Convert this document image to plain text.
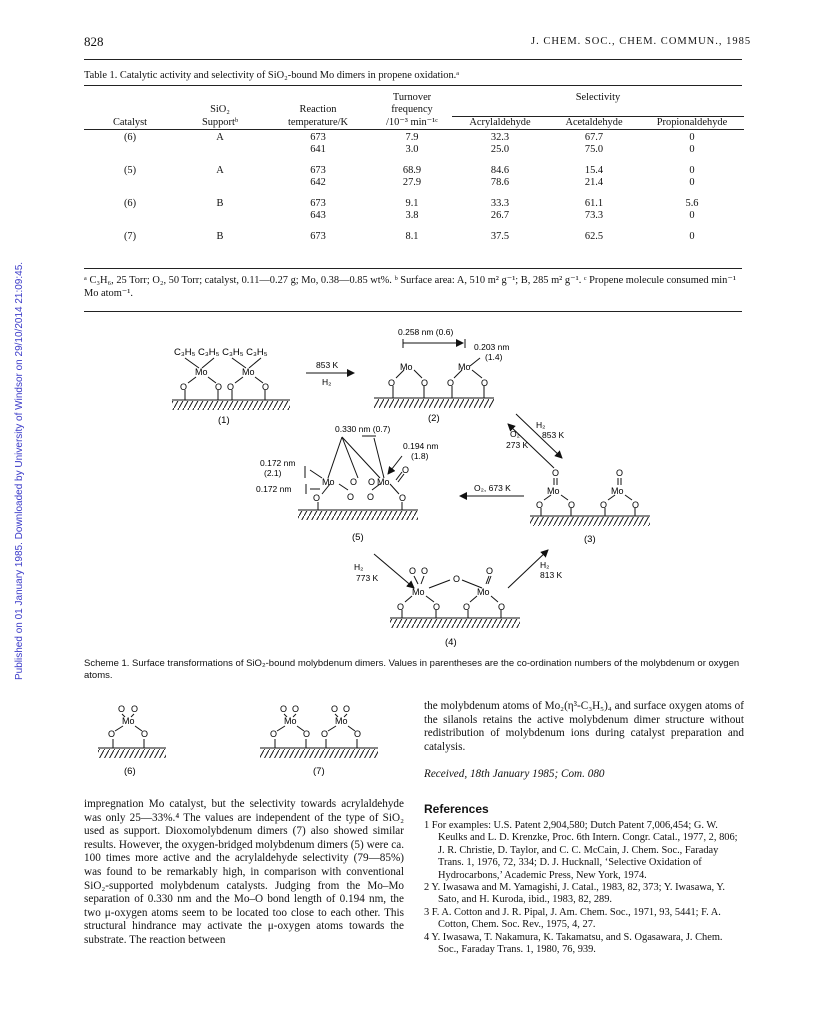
Published on 01 January 1985. Downloaded by University of Windsor on 29/10/2014 21:09:45.
828	J. CHEM. SOC., CHEM. COMMUN., 1985
Table 1. Catalytic activity and selectivity of SiO₂-bound Mo dimers in propene oxidation.ᵃ
			Turnover	Selectivity		
	SiO₂	Reaction	frequency			
Catalyst	Supportᵇ	temperature/K	/10⁻³ min⁻¹ᶜ	Acrylaldehyde	Acetaldehyde	Propionaldehyde

(6)	A	673	7.9	32.3	67.7	0
		641	3.0	25.0	75.0	0

(5)	A	673	68.9	84.6	15.4	0
		642	27.9	78.6	21.4	0

(6)	B	673	9.1	33.3	61.1	5.6
		643	3.8	26.7	73.3	0

(7)	B	673	8.1	37.5	62.5	0
ᵃ C₃H₆, 25 Torr; O₂, 50 Torr; catalyst, 0.11—0.27 g; Mo, 0.38—0.85 wt%. ᵇ Surface area: A, 510 m² g⁻¹; B, 285 m² g⁻¹. ᶜ Propene molecule consumed min⁻¹ Mo atom⁻¹.
C₃H₅ C₃H₅ C₃H₅ C₃H₅
Mo	Mo
O	O O	O
(1)
853 K
H₂
0.258 nm (0.6)
0.203 nm
(1.4)
Mo	Mo
O	O O	O
(2)
H₂
853 K
O₂
273 K
0.330 nm (0.7)
0.194 nm
(1.8)
0.172 nm
(2.1)
0.172 nm
Mo	Mo
O O
O
O	O O	O
(5)
O₂, 673 K
O	O
Mo	Mo
O	O	O	O
(3)
H₂
773 K
H₂
813 K
O O
O
O
Mo	Mo
O	O	O	O
(4)
Scheme 1. Surface transformations of SiO₂-bound molybdenum dimers. Values in parentheses are the co-ordination numbers of the molybdenum or oxygen atoms.
O O
Mo
O	O
(6)
O O	O O
Mo	Mo
O	O O	O
(7)
impregnation Mo catalyst, but the selectivity towards acrylaldehyde was only 25—33%.⁴ The values are independent of the type of SiO₂ used as support. Dioxomolybdenum dimers (7) also showed similar results. However, the oxygen-bridged molybdenum dimers (5) were ca. 100 times more active and the acrylaldehyde selectivity (79—85%) was found to be remarkably high, in comparison with conventional SiO₂-supported molybdenum catalysts. Judging from the Mo–Mo separation of 0.330 nm and the Mo–O bond length of 0.194 nm, the two μ-oxygen atoms seem to be located too close to each other. This structural hindrance may activate the μ-oxygen atoms towards the substrate. The reaction between
the molybdenum atoms of Mo₂(η³-C₃H₅)₄ and surface oxygen atoms of the silanols retains the active molybdenum dimer structure without redistribution of molybdenum ions during catalyst preparation and catalysis.
Received, 18th January 1985; Com. 080
References
1 For examples: U.S. Patent 2,904,580; Dutch Patent 7,006,454; G. W. Keulks and L. D. Krenzke, Proc. 6th Intern. Congr. Catal., 1977, 2, 806; J. R. Christie, D. Taylor, and C. C. McCain, J. Chem. Soc., Faraday Trans. 1, 1976, 72, 334; D. J. Hucknall, ‘Selective Oxidation of Hydrocarbons,’ Academic Press, New York, 1974.
2 Y. Iwasawa and M. Yamagishi, J. Catal., 1983, 82, 373; Y. Iwasawa, Y. Sato, and H. Kuroda, ibid., 1983, 82, 289.
3 F. A. Cotton and J. R. Pipal, J. Am. Chem. Soc., 1971, 93, 5441; F. A. Cotton, Chem. Soc. Rev., 1975, 4, 27.
4 Y. Iwasawa, T. Nakamura, K. Takamatsu, and S. Ogasawara, J. Chem. Soc., Faraday Trans. 1, 1980, 76, 939.
